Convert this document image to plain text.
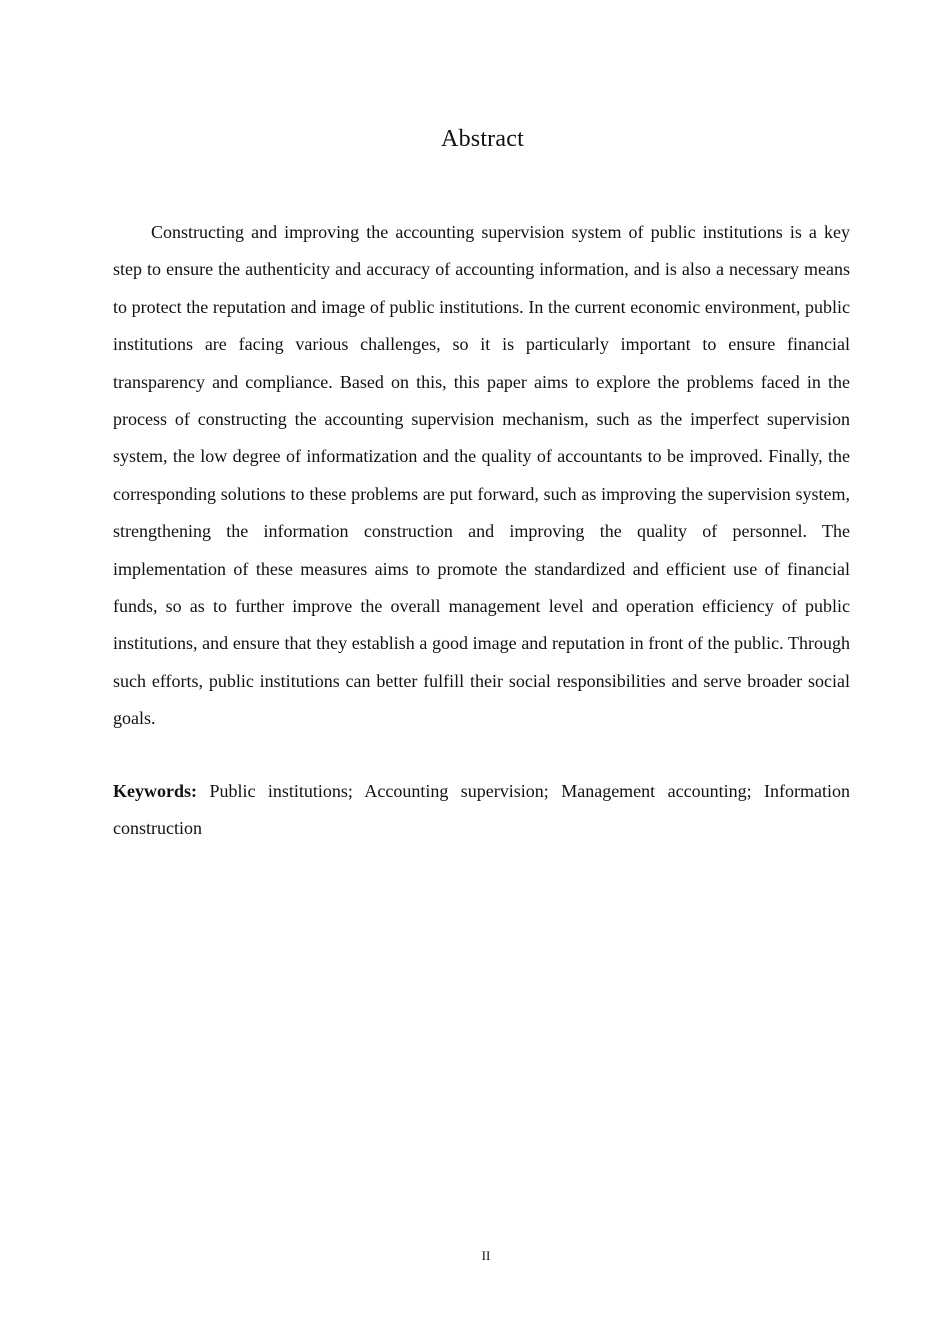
Abstract

Constructing and improving the accounting supervision system of public institutions is a key step to ensure the authenticity and accuracy of accounting information, and is also a necessary means to protect the reputation and image of public institutions. In the current economic environment, public institutions are facing various challenges, so it is particularly important to ensure financial transparency and compliance. Based on this, this paper aims to explore the problems faced in the process of constructing the accounting supervision mechanism, such as the imperfect supervision system, the low degree of informatization and the quality of accountants to be improved. Finally, the corresponding solutions to these problems are put forward, such as improving the supervision system, strengthening the information construction and improving the quality of personnel. The implementation of these measures aims to promote the standardized and efficient use of financial funds, so as to further improve the overall management level and operation efficiency of public institutions, and ensure that they establish a good image and reputation in front of the public. Through such efforts, public institutions can better fulfill their social responsibilities and serve broader social goals.

Keywords: Public institutions; Accounting supervision; Management accounting; Information construction

II
